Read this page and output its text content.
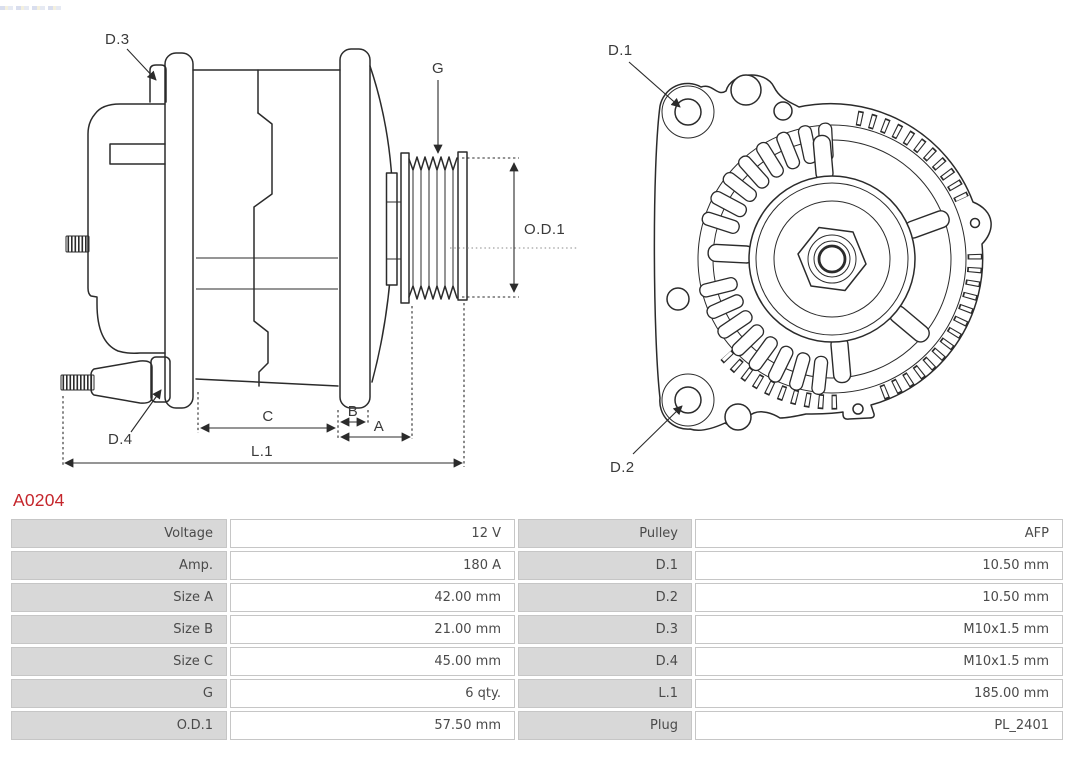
D.3
G
D.4
O.D.1
C	B
A
L.1
D.1
D.2
A0204
Voltage	12 V	Pulley	AFP
Amp.	180 A	D.1	10.50 mm
Size A	42.00 mm	D.2	10.50 mm
Size B	21.00 mm	D.3	M10x1.5 mm
Size C	45.00 mm	D.4	M10x1.5 mm
G	6 qty.	L.1	185.00 mm
O.D.1	57.50 mm	Plug	PL_2401
